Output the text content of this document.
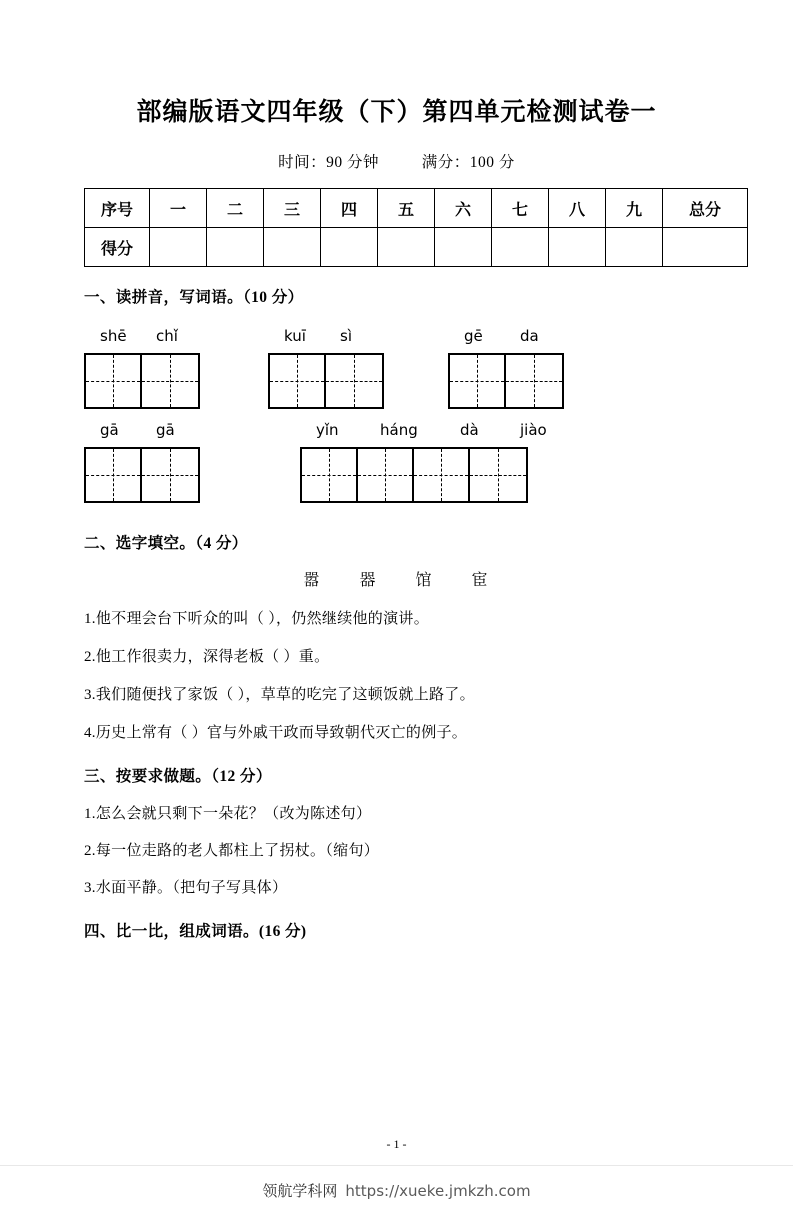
部编版语文四年级（下）第四单元检测试卷一
时间：90 分钟	满分：100 分
序号	一	二	三	四	五	六	七	八	九	总分
得分										
一、读拼音，写词语。（10 分）
shē chǐ	kuī sì	gē da
gā gā	yǐn	háng	dà	jiào
二、选字填空。（4 分）
嚣 器 馆 宦
1.他不理会台下听众的叫（ ），仍然继续他的演讲。
2.他工作很卖力，深得老板（ ）重。
3.我们随便找了家饭（ ），草草的吃完了这顿饭就上路了。
4.历史上常有（ ）官与外戚干政而导致朝代灭亡的例子。
三、按要求做题。（12 分）
1.怎么会就只剩下一朵花？（改为陈述句）
2.每一位走路的老人都柱上了拐杖。（缩句）
3.水面平静。（把句子写具体）
四、比一比，组成词语。(16 分)
- 1 -
领航学科网 https://xueke.jmkzh.com
